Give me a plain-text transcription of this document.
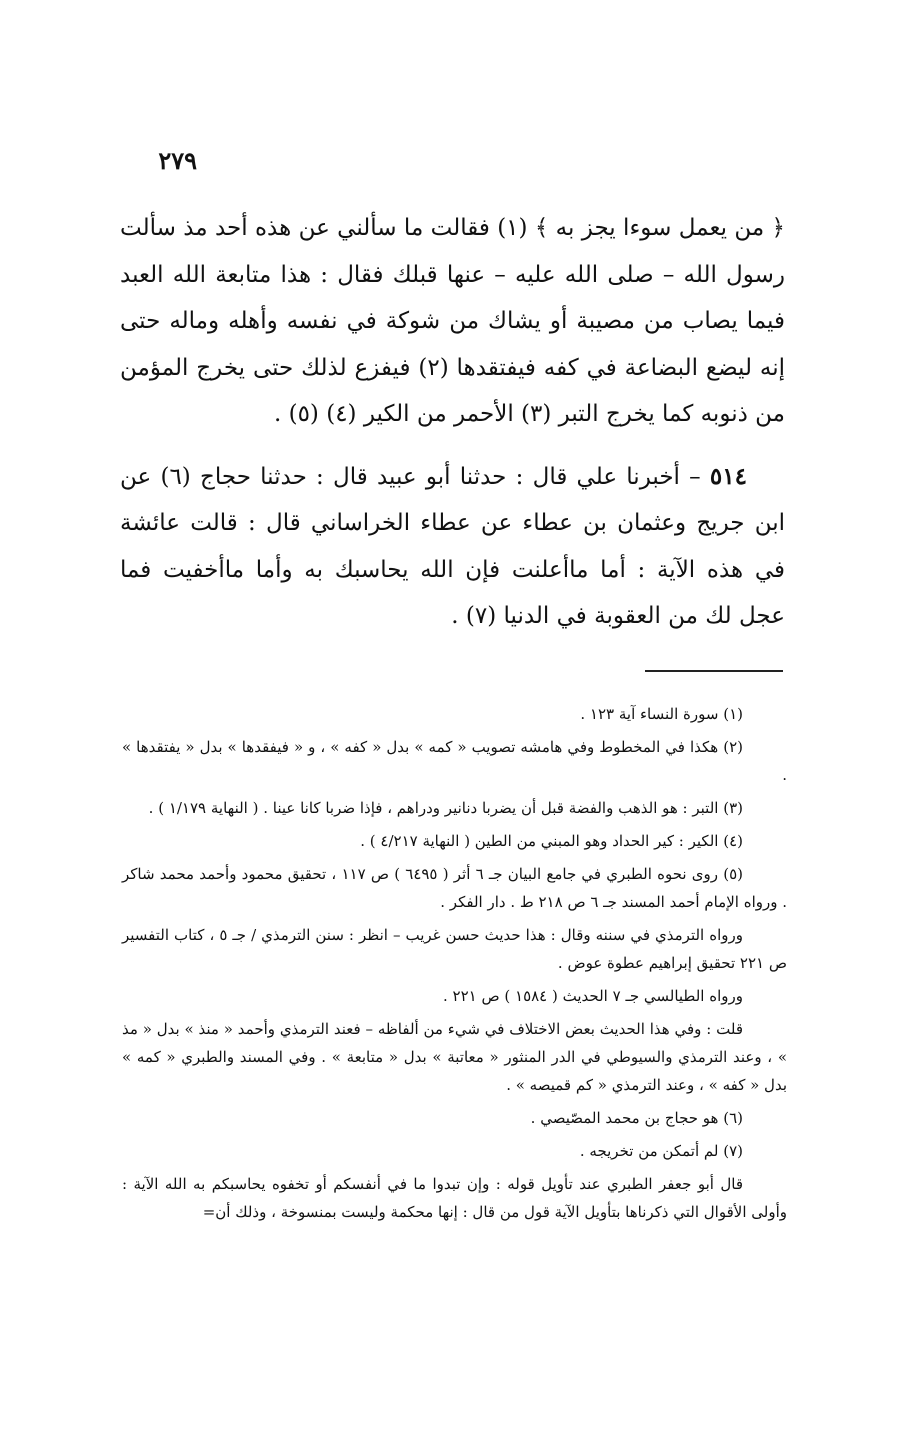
٢٧٩

﴿ من يعمل سوءا يجز به ﴾ (١) فقالت ما سألني عن هذه أحد مذ سألت رسول الله – صلى الله عليه – عنها قبلك فقال : هذا متابعة الله العبد فيما يصاب من مصيبة أو يشاك من شوكة في نفسه وأهله وماله حتى إنه ليضع البضاعة في كفه فيفتقدها (٢) فيفزع لذلك حتى يخرج المؤمن من ذنوبه كما يخرج التبر (٣) الأحمر من الكير (٤) (٥) .

٥١٤ – أخبرنا علي قال : حدثنا أبو عبيد قال : حدثنا حجاج (٦) عن ابن جريج وعثمان بن عطاء عن عطاء الخراساني قال : قالت عائشة في هذه الآية : أما ماأعلنت فإن الله يحاسبك به وأما ماأخفيت فما عجل لك من العقوبة في الدنيا (٧) .

(١) سورة النساء آية ١٢٣ .

(٢) هكذا في المخطوط وفي هامشه تصويب « كمه » بدل « كفه » ، و « فيفقدها » بدل « يفتقدها » .

(٣) التبر : هو الذهب والفضة قبل أن يضربا دنانير ودراهم ، فإذا ضربا كانا عينا . ( النهاية ١/١٧٩ ) .

(٤) الكير : كير الحداد وهو المبني من الطين ( النهاية ٤/٢١٧ ) .

(٥) روى نحوه الطبري في جامع البيان جـ ٦ أثر ( ٦٤٩٥ ) ص ١١٧ ، تحقيق محمود وأحمد محمد شاكر . ورواه الإمام أحمد المسند جـ ٦ ص ٢١٨ ط . دار الفكر .

ورواه الترمذي في سننه وقال : هذا حديث حسن غريب – انظر : سنن الترمذي / جـ ٥ ، كتاب التفسير ص ٢٢١ تحقيق إبراهيم عطوة عوض .

ورواه الطيالسي جـ ٧ الحديث ( ١٥٨٤ ) ص ٢٢١ .

قلت : وفي هذا الحديث بعض الاختلاف في شيء من ألفاظه – فعند الترمذي وأحمد « منذ » بدل « مذ » ، وعند الترمذي والسيوطي في الدر المنثور « معاتبة » بدل « متابعة » . وفي المسند والطبري « كمه » بدل « كفه » ، وعند الترمذي « كم قميصه » .

(٦) هو حجاج بن محمد المصّيصي .

(٧) لم أتمكن من تخريجه .

قال أبو جعفر الطبري عند تأويل قوله : وإن تبدوا ما في أنفسكم أو تخفوه يحاسبكم به الله الآية : وأولى الأقوال التي ذكرناها بتأويل الآية قول من قال : إنها محكمة وليست بمنسوخة ، وذلك أن=
